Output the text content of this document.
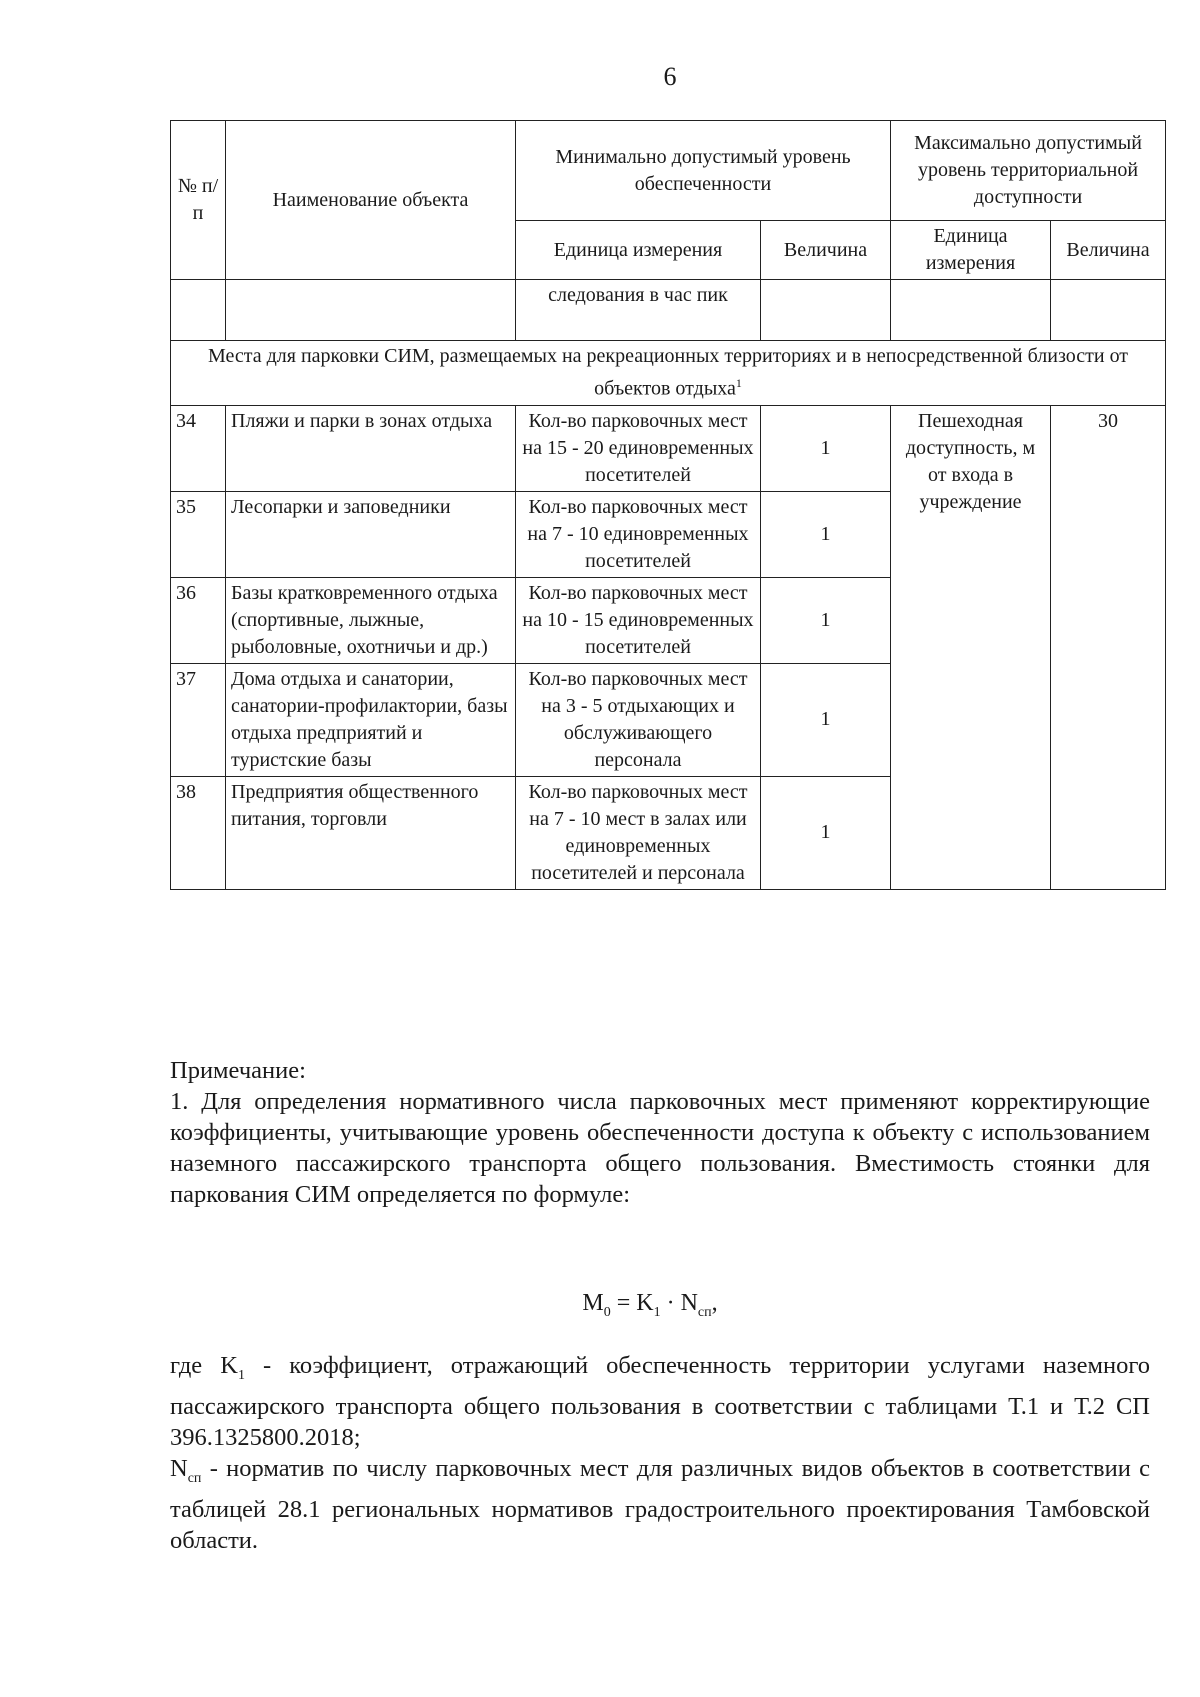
6
№ п/п	Наименование объекта	Минимально допустимый уровень обеспеченности		Максимально допустимый уровень территориальной доступности	
		Единица измерения	Величина	Единица измерения	Величина
		следования в час пик			
Места для парковки СИМ, размещаемых на рекреационных территориях и в непосредственной близости от объектов отдыха$^1$
34	Пляжи и парки в зонах отдыха	Кол-во парковочных мест на 15 - 20 единовременных посетителей	1	Пешеходная доступность, м от входа в учреждение	30
35	Лесопарки и заповедники	Кол-во парковочных мест на 7 - 10 единовременных посетителей	1		
36	Базы кратковременного отдыха (спортивные, лыжные, рыболовные, охотничьи и др.)	Кол-во парковочных мест на 10 - 15 единовременных посетителей	1		
37	Дома отдыха и санатории, санатории-профилактории, базы отдыха предприятий и туристские базы	Кол-во парковочных мест на 3 - 5 отдыхающих и обслуживающего персонала	1		
38	Предприятия общественного питания, торговли	Кол-во парковочных мест на 7 - 10 мест в залах или единовременных посетителей и персонала	1		

Примечание:

1. Для определения нормативного числа парковочных мест применяют корректирующие коэффициенты, учитывающие уровень обеспеченности доступа к объекту с использованием наземного пассажирского транспорта общего пользования. Вместимость стоянки для паркования СИМ определяется по формуле:

$M_0 = K_1 \cdot N_{сп}$,

где $K_1$ - коэффициент, отражающий обеспеченность территории услугами наземного пассажирского транспорта общего пользования в соответствии с таблицами Т.1 и Т.2 СП 396.1325800.2018;

$N_{сп}$ - норматив по числу парковочных мест для различных видов объектов в соответствии с таблицей 28.1 региональных нормативов градостроительного проектирования Тамбовской области.
